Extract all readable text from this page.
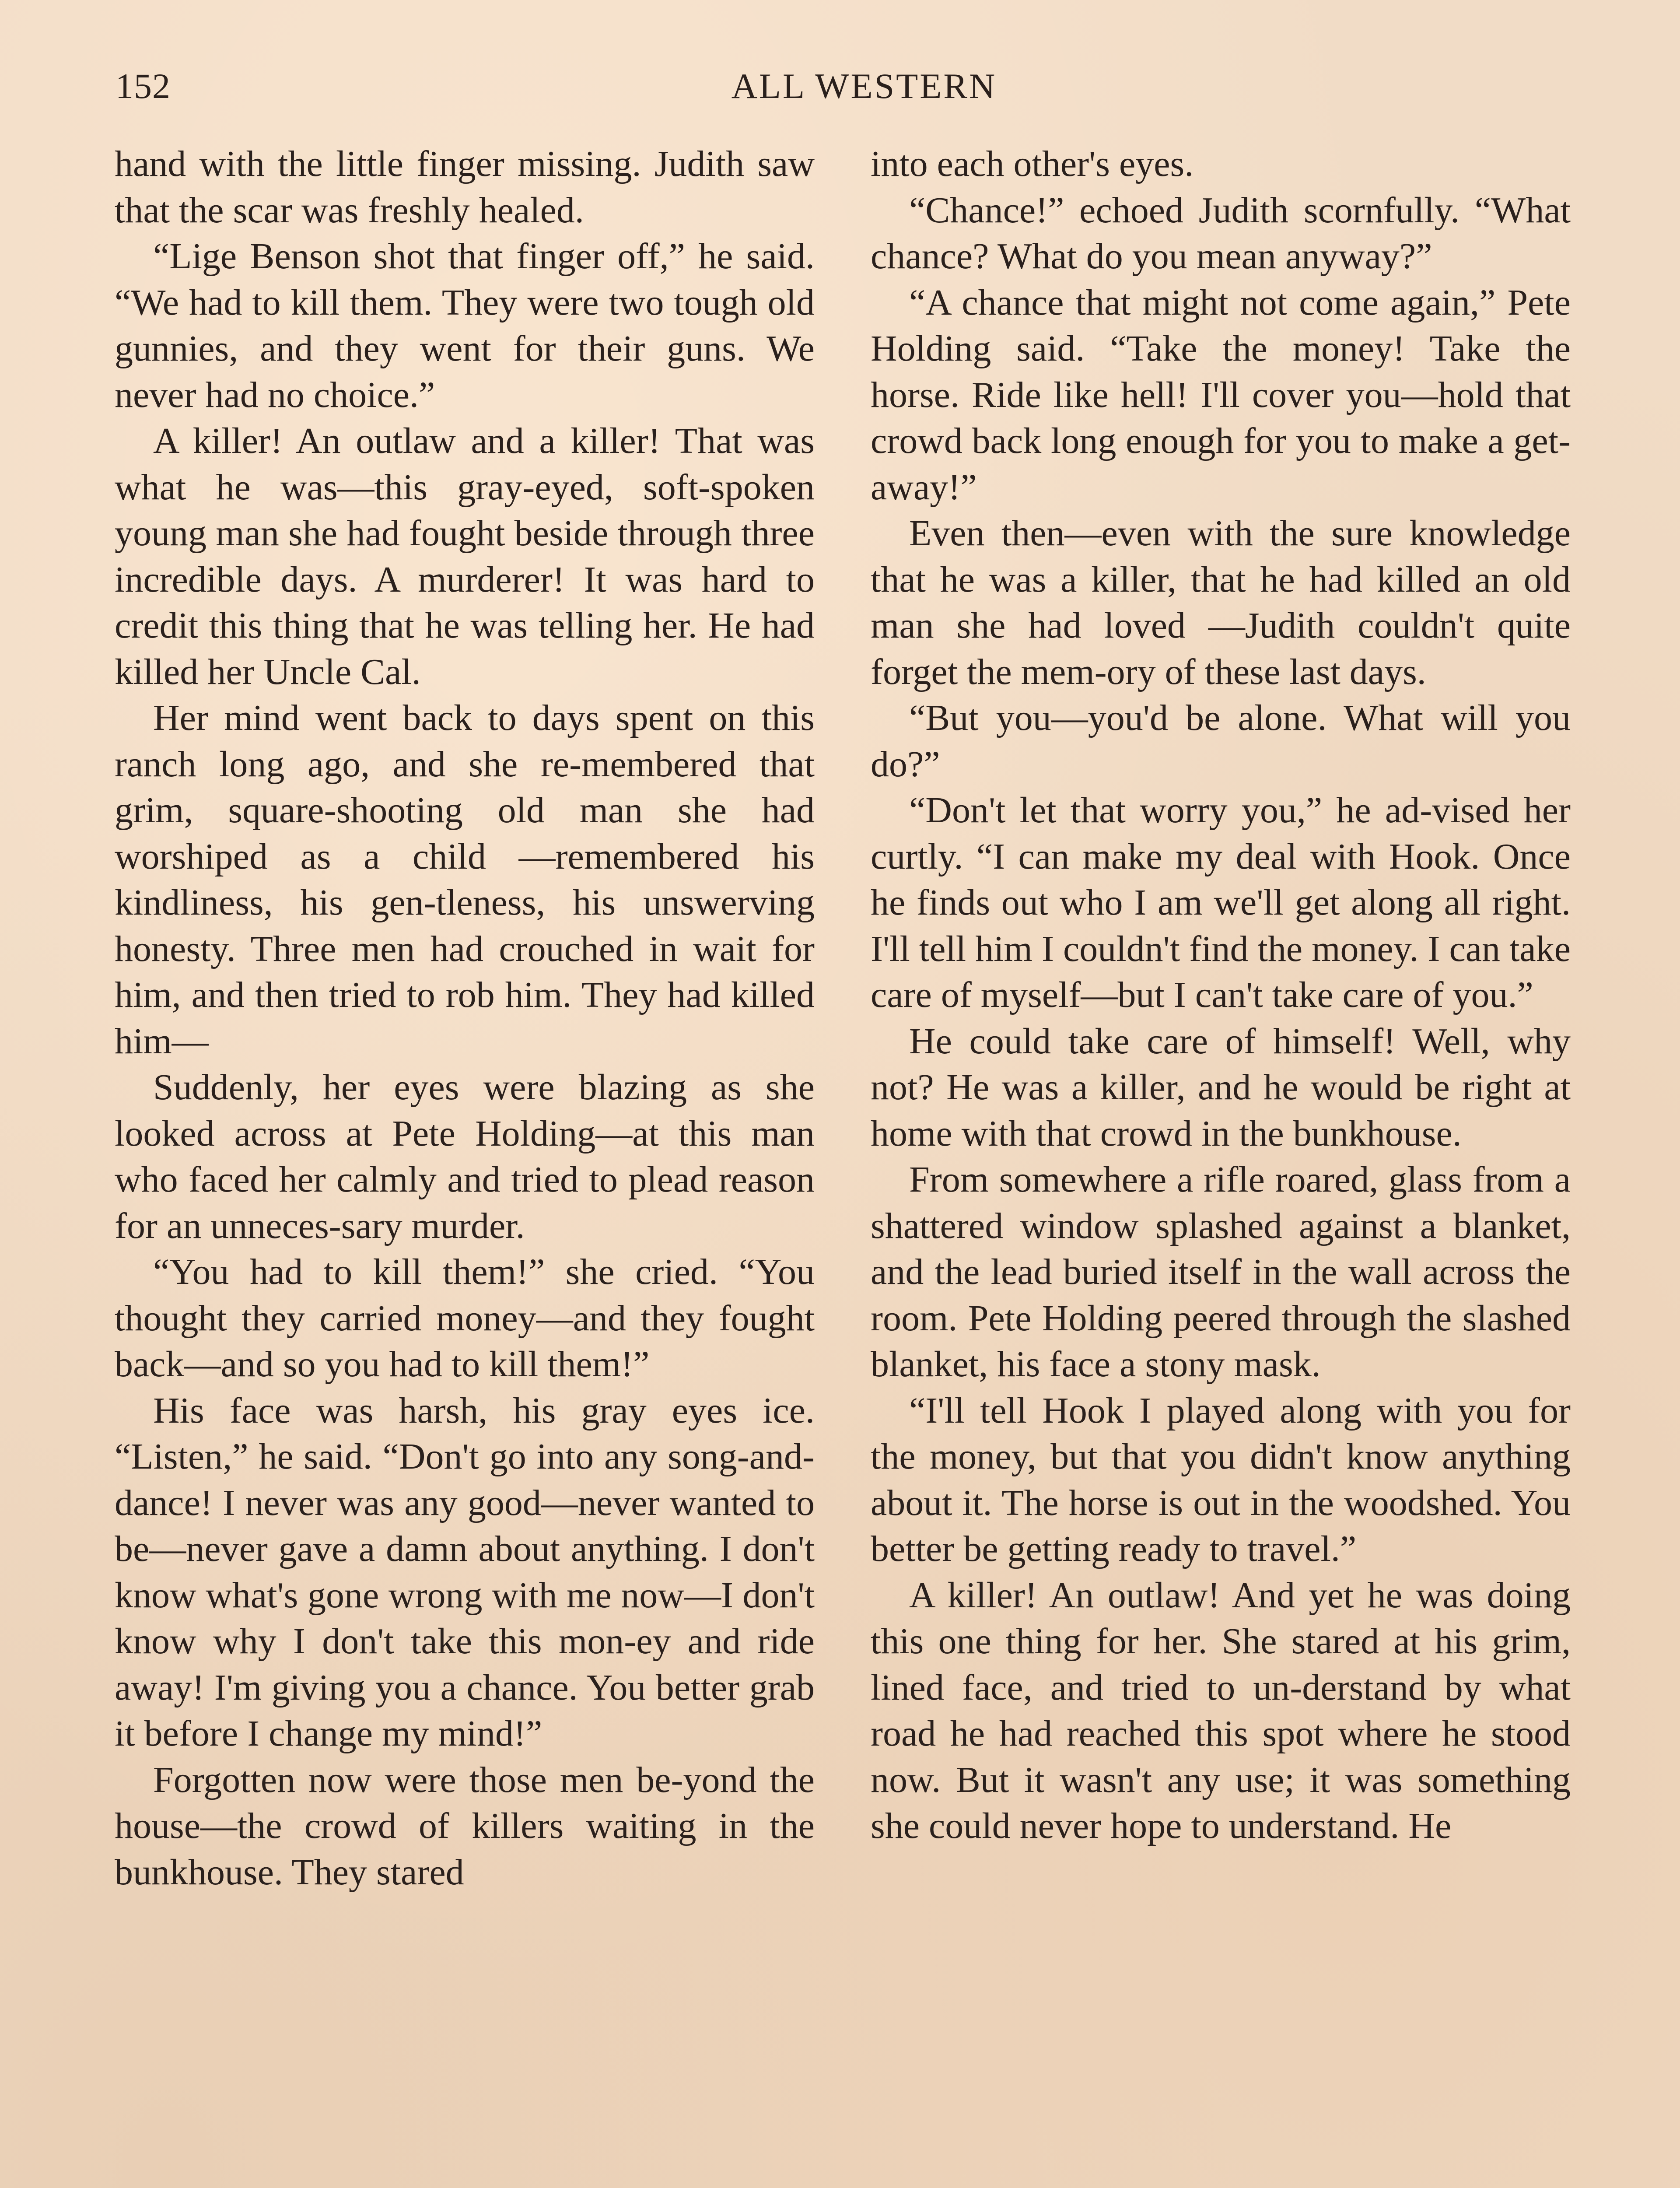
152	ALL WESTERN

hand with the little finger missing. Judith saw that the scar was freshly healed.

“Lige Benson shot that finger off,” he said. “We had to kill them. They were two tough old gunnies, and they went for their guns. We never had no choice.”

A killer! An outlaw and a killer! That was what he was—this gray-eyed, soft-spoken young man she had fought beside through three incredible days. A murderer! It was hard to credit this thing that he was telling her. He had killed her Uncle Cal.

Her mind went back to days spent on this ranch long ago, and she re-membered that grim, square-shooting old man she had worshiped as a child —remembered his kindliness, his gen-tleness, his unswerving honesty. Three men had crouched in wait for him, and then tried to rob him. They had killed him—

Suddenly, her eyes were blazing as she looked across at Pete Holding—at this man who faced her calmly and tried to plead reason for an unneces-sary murder.

“You had to kill them!” she cried. “You thought they carried money—and they fought back—and so you had to kill them!”

His face was harsh, his gray eyes ice. “Listen,” he said. “Don't go into any song-and-dance! I never was any good—never wanted to be—never gave a damn about anything. I don't know what's gone wrong with me now—I don't know why I don't take this mon-ey and ride away! I'm giving you a chance. You better grab it before I change my mind!”

Forgotten now were those men be-yond the house—the crowd of killers waiting in the bunkhouse. They stared

into each other's eyes.

“Chance!” echoed Judith scornfully. “What chance? What do you mean anyway?”

“A chance that might not come again,” Pete Holding said. “Take the money! Take the horse. Ride like hell! I'll cover you—hold that crowd back long enough for you to make a get-away!”

Even then—even with the sure knowledge that he was a killer, that he had killed an old man she had loved —Judith couldn't quite forget the mem-ory of these last days.

“But you—you'd be alone. What will you do?”

“Don't let that worry you,” he ad-vised her curtly. “I can make my deal with Hook. Once he finds out who I am we'll get along all right. I'll tell him I couldn't find the money. I can take care of myself—but I can't take care of you.”

He could take care of himself! Well, why not? He was a killer, and he would be right at home with that crowd in the bunkhouse.

From somewhere a rifle roared, glass from a shattered window splashed against a blanket, and the lead buried itself in the wall across the room. Pete Holding peered through the slashed blanket, his face a stony mask.

“I'll tell Hook I played along with you for the money, but that you didn't know anything about it. The horse is out in the woodshed. You better be getting ready to travel.”

A killer! An outlaw! And yet he was doing this one thing for her. She stared at his grim, lined face, and tried to un-derstand by what road he had reached this spot where he stood now. But it wasn't any use; it was something she could never hope to understand. He
